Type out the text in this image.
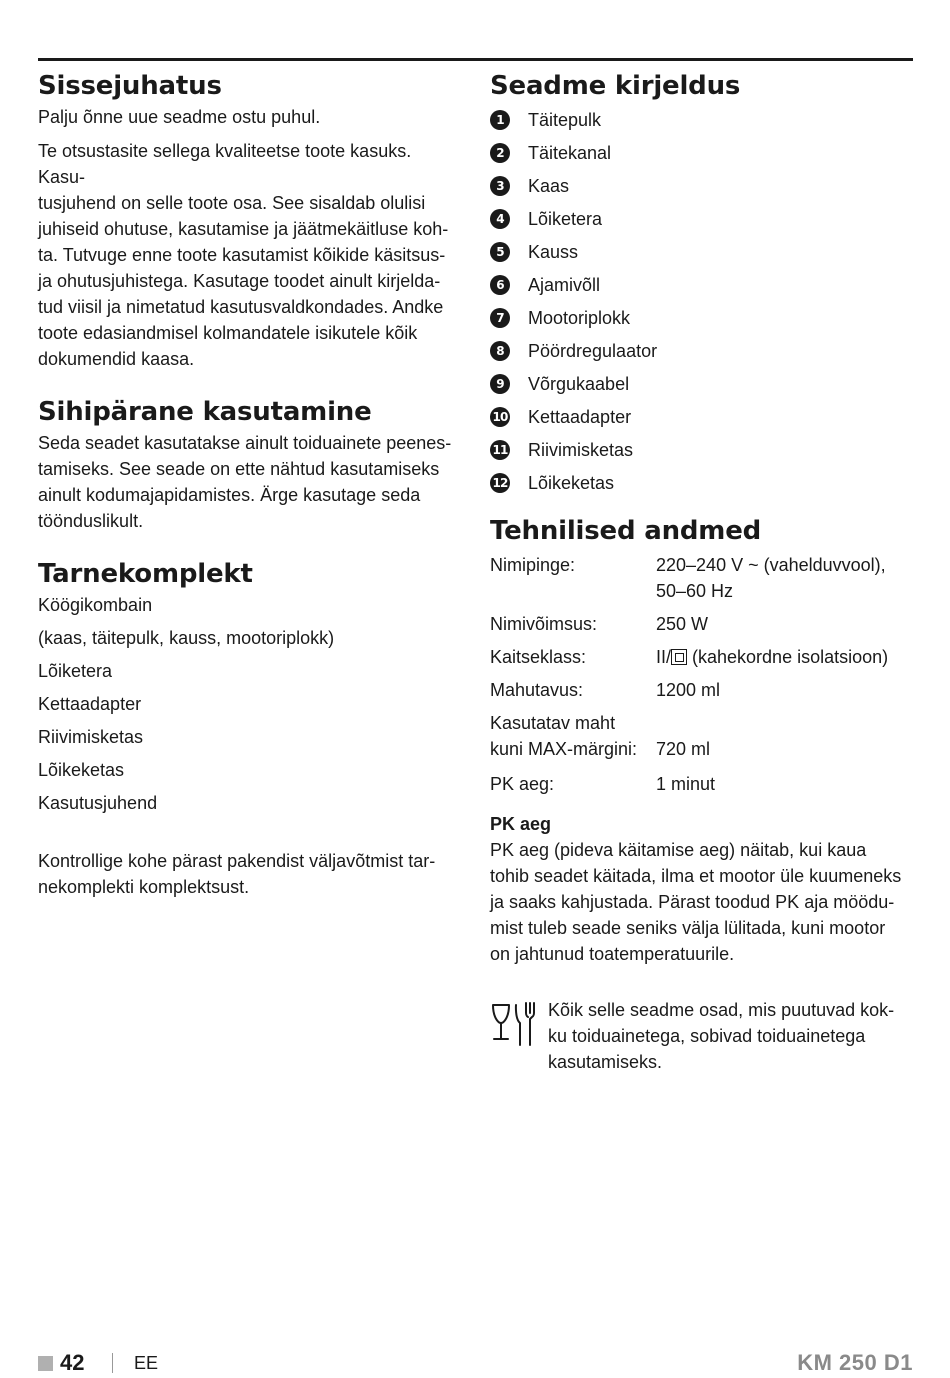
Sissejuhatus

Palju õnne uue seadme ostu puhul.

Te otsustasite sellega kvaliteetse toote kasuks. Kasu-

tusjuhend on selle toote osa. See sisaldab olulisi

juhiseid ohutuse, kasutamise ja jäätmekäitluse koh-

ta. Tutvuge enne toote kasutamist kõikide käsitsus-

ja ohutusjuhistega. Kasutage toodet ainult kirjelda-

tud viisil ja nimetatud kasutusvaldkondades. Andke

toote edasiandmisel kolmandatele isikutele kõik

dokumendid kaasa.

Sihipärane kasutamine

Seda seadet kasutatakse ainult toiduainete peenes-

tamiseks. See seade on ette nähtud kasutamiseks

ainult kodumajapidamistes. Ärge kasutage seda

tööndusl​ikult.

Tarnekomplekt
Köögikombain
(kaas, täitepulk, kauss, mootoriplokk)
Lõiketera
Kettaadapter
Riivimisketas
Lõikeketas
Kasutusjuhend

Kontrollige kohe pärast pakendist väljavõtmist tar-

nekomplekti komplektsust.

Seadme kirjeldus
1	Täitepulk
2	Täitekanal
3	Kaas
4	Lõiketera
5	Kauss
6	Ajamivõll
7	Mootoriplokk
8	Pöördregulaator
9	Võrgukaabel
10 Kettaadapter
11 Riivimisketas
12 Lõikeketas
Tehnilised andmed
Nimipinge:	220–240 V ~ (vahelduvvool),
50–60 Hz
Nimivõimsus:	250 W
Kaitseklass:	II/
(kahekordne isolatsioon)
Mahutavus:	1200 ml
Kasutatav maht
kuni MAX-märgini:	720 ml
PK aeg:	1 minut
PK aeg

PK aeg (pideva käitamise aeg) näitab, kui kaua

tohib seadet käitada, ilma et mootor üle kuumeneks

ja saaks kahjustada. Pärast toodud PK aja möödu-

mist tuleb seade seniks välja lülitada, kuni mootor

on jahtunud toatemperatuurile.

Kõik selle seadme osad, mis puutuvad kok-

ku toiduainetega, sobivad toiduainetega

kasutamiseks.

42	EE	KM 250 D1
